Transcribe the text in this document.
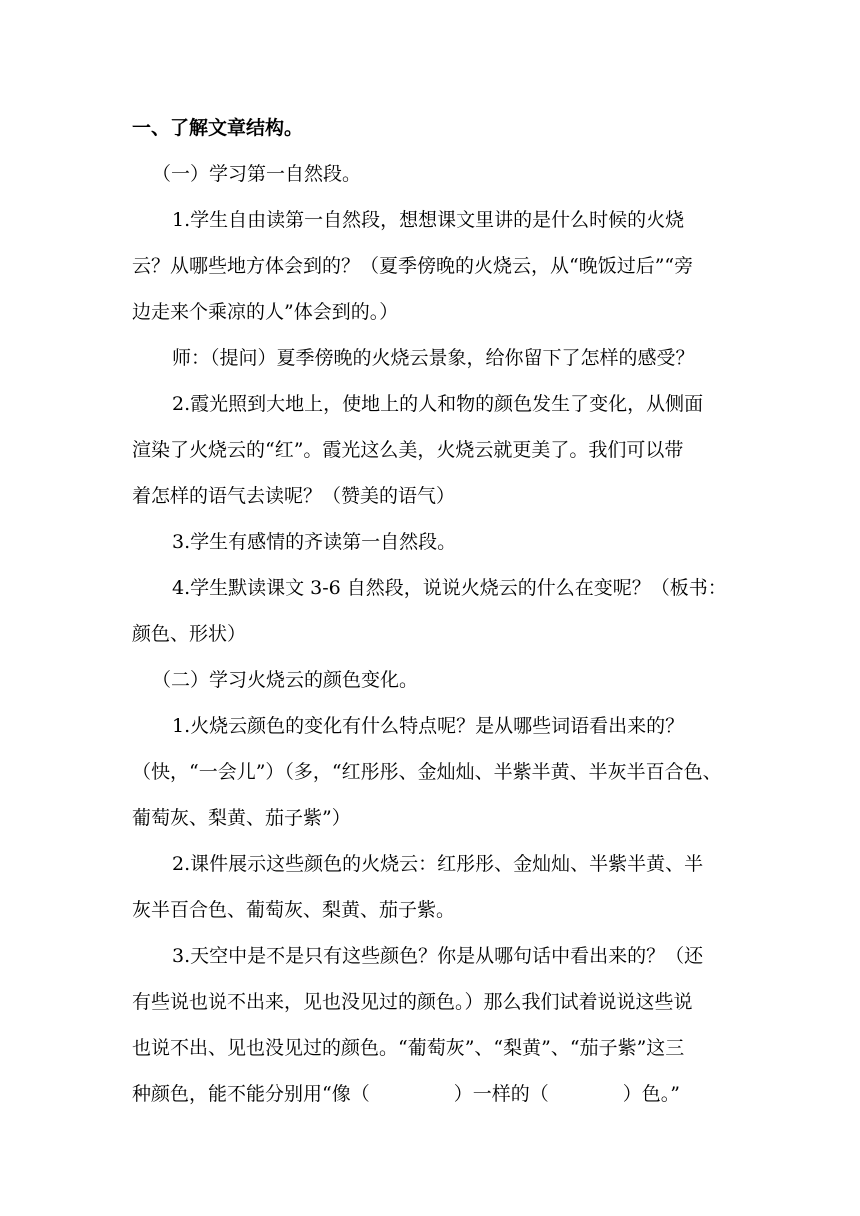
一、了解文章结构。
（一）学习第一自然段。
1.学生自由读第一自然段，想想课文里讲的是什么时候的火烧
云？从哪些地方体会到的？（夏季傍晚的火烧云，从“晚饭过后”“旁
边走来个乘凉的人”体会到的。）
师：（提问）夏季傍晚的火烧云景象，给你留下了怎样的感受？
2.霞光照到大地上，使地上的人和物的颜色发生了变化，从侧面
渲染了火烧云的“红”。霞光这么美，火烧云就更美了。我们可以带
着怎样的语气去读呢？（赞美的语气）
3.学生有感情的齐读第一自然段。
4.学生默读课文 3-6 自然段，说说火烧云的什么在变呢？（板书：
颜色、形状）
（二）学习火烧云的颜色变化。
1.火烧云颜色的变化有什么特点呢？是从哪些词语看出来的？
（快，“一会儿”）（多，“红彤彤、金灿灿、半紫半黄、半灰半百合色、
葡萄灰、梨黄、茄子紫”）
2.课件展示这些颜色的火烧云：红彤彤、金灿灿、半紫半黄、半
灰半百合色、葡萄灰、梨黄、茄子紫。
3.天空中是不是只有这些颜色？你是从哪句话中看出来的？（还
有些说也说不出来，见也没见过的颜色。）那么我们试着说说这些说
也说不出、见也没见过的颜色。“葡萄灰”、“梨黄”、“茄子紫”这三
种颜色，能不能分别用“像（	）一样的（	）色。”
